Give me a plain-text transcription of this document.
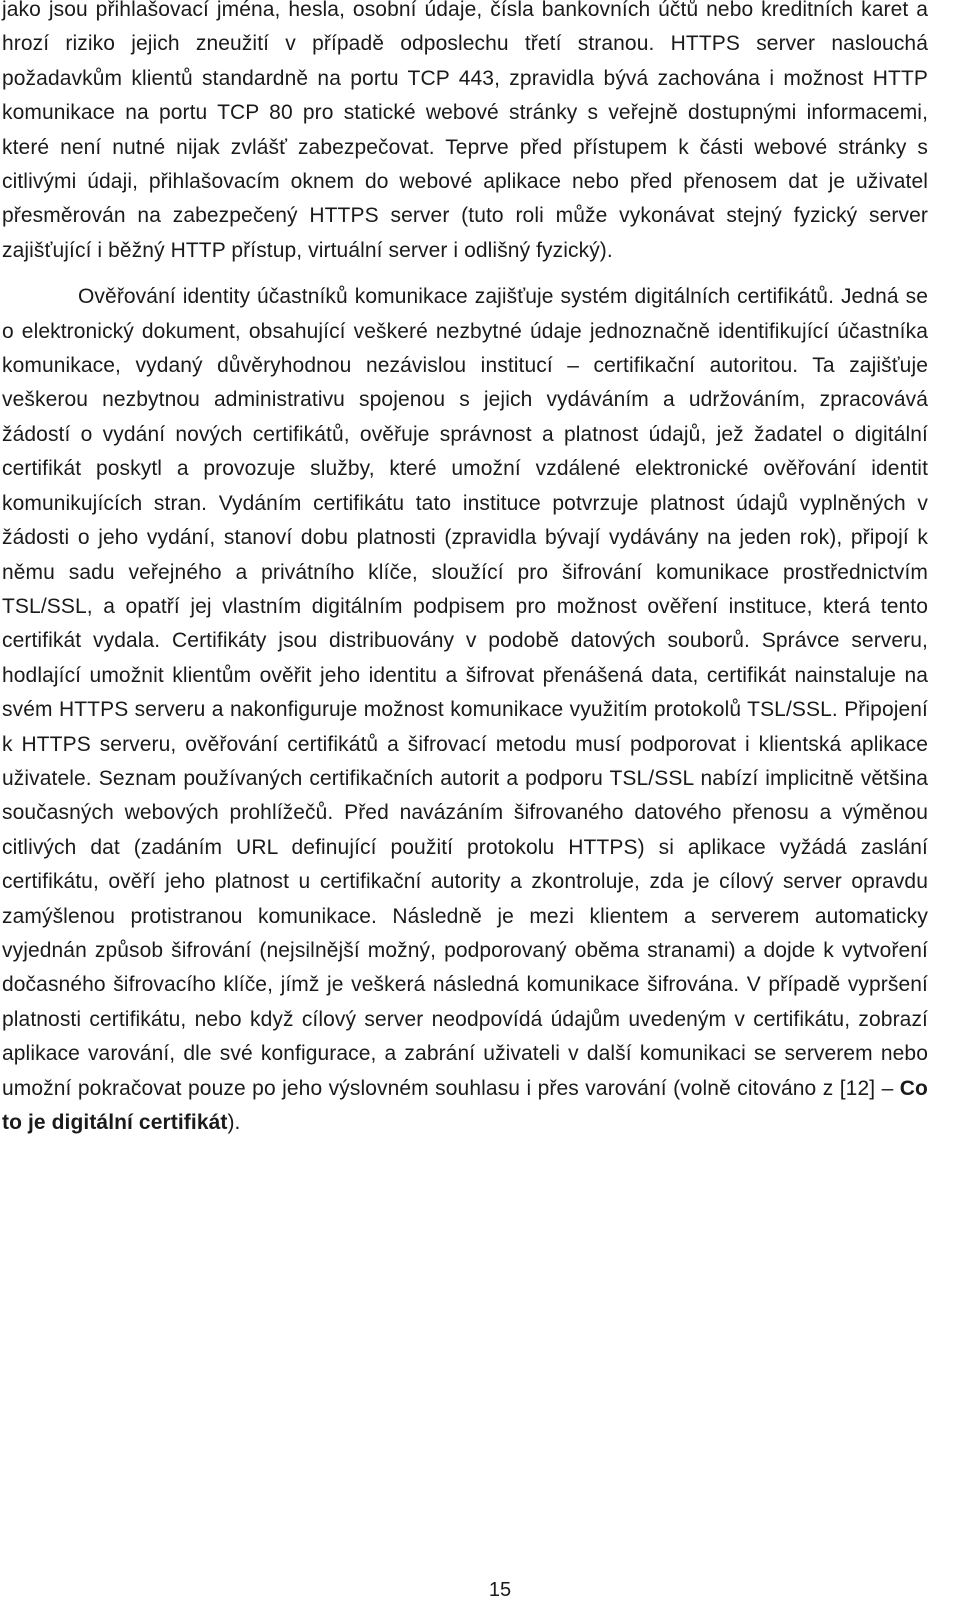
jako jsou přihlašovací jména, hesla, osobní údaje, čísla bankovních účtů nebo kreditních karet a hrozí riziko jejich zneužití v případě odposlechu třetí stranou. HTTPS server naslouchá požadavkům klientů standardně na portu TCP 443, zpravidla bývá zachována i možnost HTTP komunikace na portu TCP 80 pro statické webové stránky s veřejně dostupnými informacemi, které není nutné nijak zvlášť zabezpečovat. Teprve před přístupem k části webové stránky s citlivými údaji, přihlašovacím oknem do webové aplikace nebo před přenosem dat je uživatel přesměrován na zabezpečený HTTPS server (tuto roli může vykonávat stejný fyzický server zajišťující i běžný HTTP přístup, virtuální server i odlišný fyzický).

Ověřování identity účastníků komunikace zajišťuje systém digitálních certifikátů. Jedná se o elektronický dokument, obsahující veškeré nezbytné údaje jednoznačně identifikující účastníka komunikace, vydaný důvěryhodnou nezávislou institucí – certifikační autoritou. Ta zajišťuje veškerou nezbytnou administrativu spojenou s jejich vydáváním a udržováním, zpracovává žádostí o vydání nových certifikátů, ověřuje správnost a platnost údajů, jež žadatel o digitální certifikát poskytl a provozuje služby, které umožní vzdálené elektronické ověřování identit komunikujících stran. Vydáním certifikátu tato instituce potvrzuje platnost údajů vyplněných v žádosti o jeho vydání, stanoví dobu platnosti (zpravidla bývají vydávány na jeden rok), připojí k němu sadu veřejného a privátního klíče, sloužící pro šifrování komunikace prostřednictvím TSL/SSL, a opatří jej vlastním digitálním podpisem pro možnost ověření instituce, která tento certifikát vydala. Certifikáty jsou distribuovány v podobě datových souborů. Správce serveru, hodlající umožnit klientům ověřit jeho identitu a šifrovat přenášená data, certifikát nainstaluje na svém HTTPS serveru a nakonfiguruje možnost komunikace využitím protokolů TSL/SSL. Připojení k HTTPS serveru, ověřování certifikátů a šifrovací metodu musí podporovat i klientská aplikace uživatele. Seznam používaných certifikačních autorit a podporu TSL/SSL nabízí implicitně většina současných webových prohlížečů. Před navázáním šifrovaného datového přenosu a výměnou citlivých dat (zadáním URL definující použití protokolu HTTPS) si aplikace vyžádá zaslání certifikátu, ověří jeho platnost u certifikační autority a zkontroluje, zda je cílový server opravdu zamýšlenou protistranou komunikace. Následně je mezi klientem a serverem automaticky vyjednán způsob šifrování (nejsilnější možný, podporovaný oběma stranami) a dojde k vytvoření dočasného šifrovacího klíče, jímž je veškerá následná komunikace šifrována. V případě vypršení platnosti certifikátu, nebo když cílový server neodpovídá údajům uvedeným v certifikátu, zobrazí aplikace varování, dle své konfigurace, a zabrání uživateli v další komunikaci se serverem nebo umožní pokračovat pouze po jeho výslovném souhlasu i přes varování (volně citováno z [12] – Co to je digitální certifikát).

15
